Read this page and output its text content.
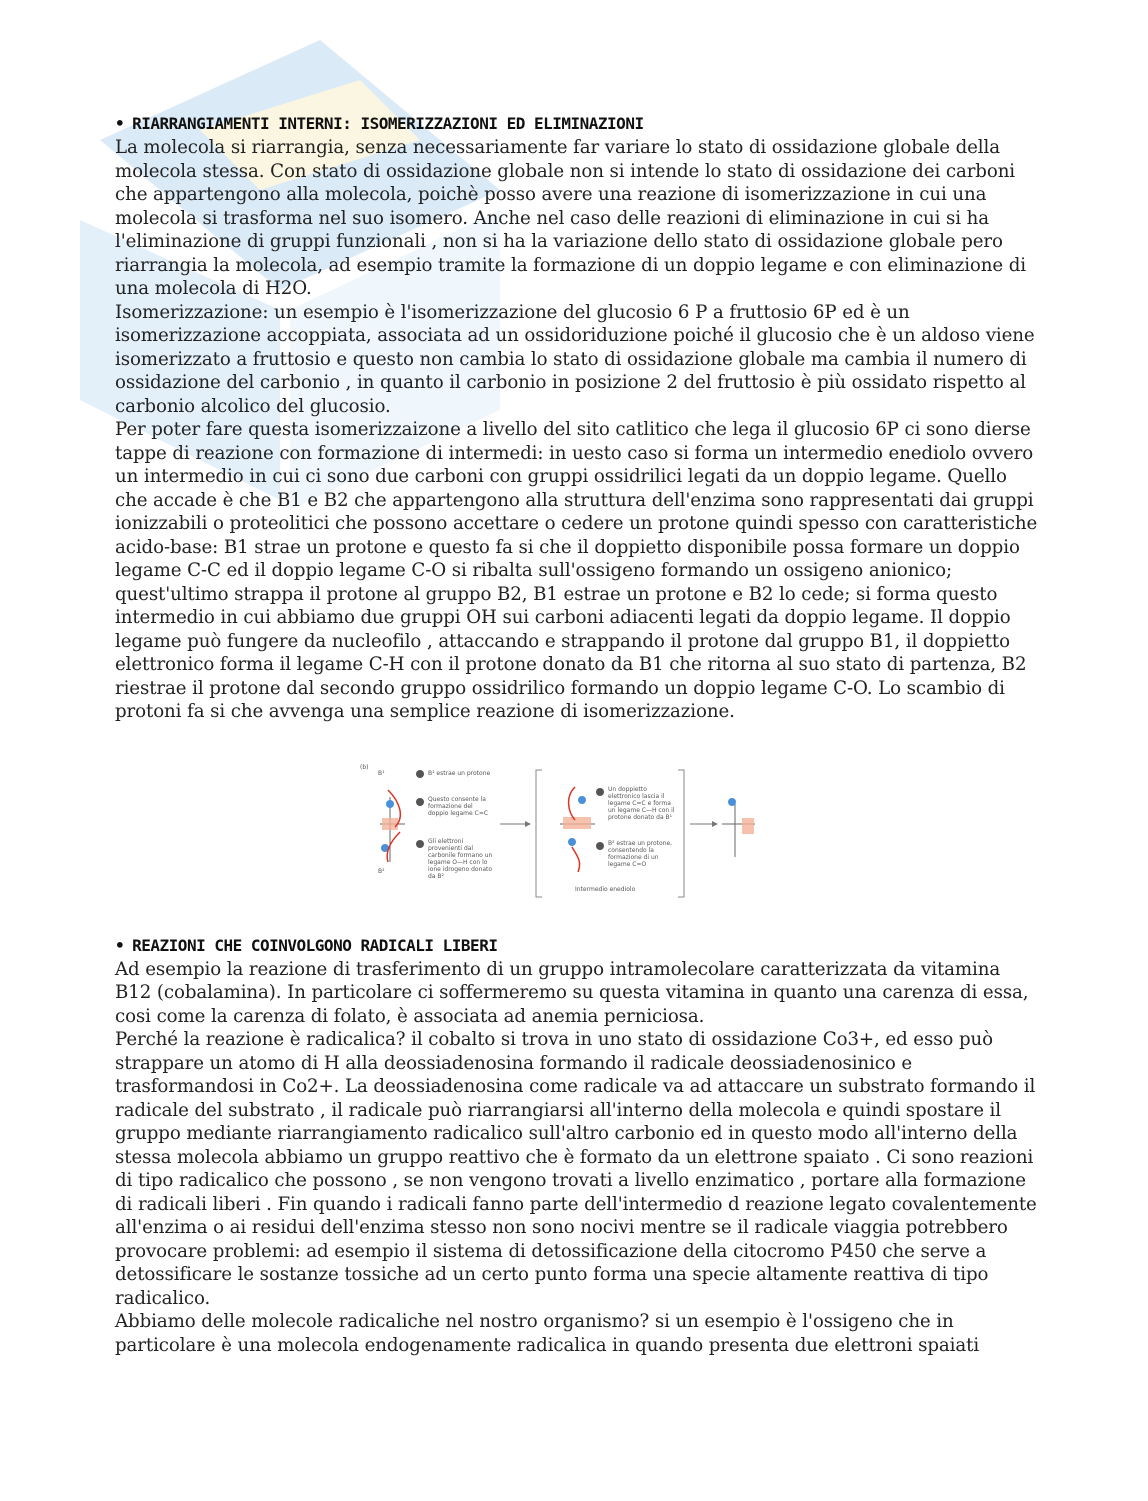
• RIARRANGIAMENTI INTERNI: ISOMERIZZAZIONI ED ELIMINAZIONI

La molecola si riarrangia, senza necessariamente far variare lo stato di ossidazione globale della molecola stessa. Con stato di ossidazione globale non si intende lo stato di ossidazione dei carboni che appartengono alla molecola, poichè posso avere una reazione di isomerizzazione in cui una molecola si trasforma nel suo isomero. Anche nel caso delle reazioni di eliminazione in cui si ha l'eliminazione di gruppi funzionali , non si ha la variazione dello stato di ossidazione globale pero riarrangia la molecola, ad esempio tramite la formazione di un doppio legame e con eliminazione di una molecola di H2O.

Isomerizzazione: un esempio è l'isomerizzazione del glucosio 6 P a fruttosio 6P ed è un isomerizzazione accoppiata, associata ad un ossidoriduzione poiché il glucosio che è un aldoso viene isomerizzato a fruttosio e questo non cambia lo stato di ossidazione globale ma cambia il numero di ossidazione del carbonio , in quanto il carbonio in posizione 2 del fruttosio è più ossidato rispetto al carbonio alcolico del glucosio.

Per poter fare questa isomerizzaizone a livello del sito catlitico che lega il glucosio 6P ci sono dierse tappe di reazione con formazione di intermedi: in uesto caso si forma un intermedio enediolo ovvero un intermedio in cui ci sono due carboni con gruppi ossidrilici legati da un doppio legame. Quello che accade è che B1 e B2 che appartengono alla struttura dell'enzima sono rappresentati dai gruppi ionizzabili o proteolitici che possono accettare o cedere un protone quindi spesso con caratteristiche acido-base: B1 strae un protone e questo fa si che il doppietto disponibile possa formare un doppio legame C-C ed il doppio legame C-O si ribalta sull'ossigeno formando un ossigeno anionico; quest'ultimo strappa il protone al gruppo B2, B1 estrae un protone e B2 lo cede; si forma questo intermedio in cui abbiamo due gruppi OH sui carboni adiacenti legati da doppio legame. Il doppio legame può fungere da nucleofilo , attaccando e strappando il protone dal gruppo B1, il doppietto elettronico forma il legame C-H con il protone donato da B1 che ritorna al suo stato di partenza, B2 riestrae il protone dal secondo gruppo ossidrilico formando un doppio legame C-O. Lo scambio di protoni fa si che avvenga una semplice reazione di isomerizzazione.

(b)
B¹
B²
B¹ estrae un protone
Questo consente la formazione del doppio legame C=C
Gli elettroni provenienti dal carbonile formano un legame O—H con lo ione idrogeno donato da B²
Un doppietto elettronico lascia il legame C=C e forma un legame C—H con il protone donato da B¹
B² estrae un protone, consentendo la formazione di un legame C=O
Intermedio enediolo
• REAZIONI CHE COINVOLGONO RADICALI LIBERI

Ad esempio la reazione di trasferimento di un gruppo intramolecolare caratterizzata da vitamina B12 (cobalamina). In particolare ci soffermeremo su questa vitamina in quanto una carenza di essa, cosi come la carenza di folato, è associata ad anemia perniciosa.

Perché la reazione è radicalica? il cobalto si trova in uno stato di ossidazione Co3+, ed esso può strappare un atomo di H alla deossiadenosina formando il radicale deossiadenosinico e trasformandosi in Co2+. La deossiadenosina come radicale va ad attaccare un substrato formando il radicale del substrato , il radicale può riarrangiarsi all'interno della molecola e quindi spostare il gruppo mediante riarrangiamento radicalico sull'altro carbonio ed in questo modo all'interno della stessa molecola abbiamo un gruppo reattivo che è formato da un elettrone spaiato . Ci sono reazioni di tipo radicalico che possono , se non vengono trovati a livello enzimatico , portare alla formazione di radicali liberi . Fin quando i radicali fanno parte dell'intermedio d reazione legato covalentemente all'enzima o ai residui dell'enzima stesso non sono nocivi mentre se il radicale viaggia potrebbero provocare problemi: ad esempio il sistema di detossificazione della citocromo P450 che serve a detossificare le sostanze tossiche ad un certo punto forma una specie altamente reattiva di tipo radicalico.

Abbiamo delle molecole radicaliche nel nostro organismo? si un esempio è l'ossigeno che in particolare è una molecola endogenamente radicalica in quando presenta due elettroni spaiati
